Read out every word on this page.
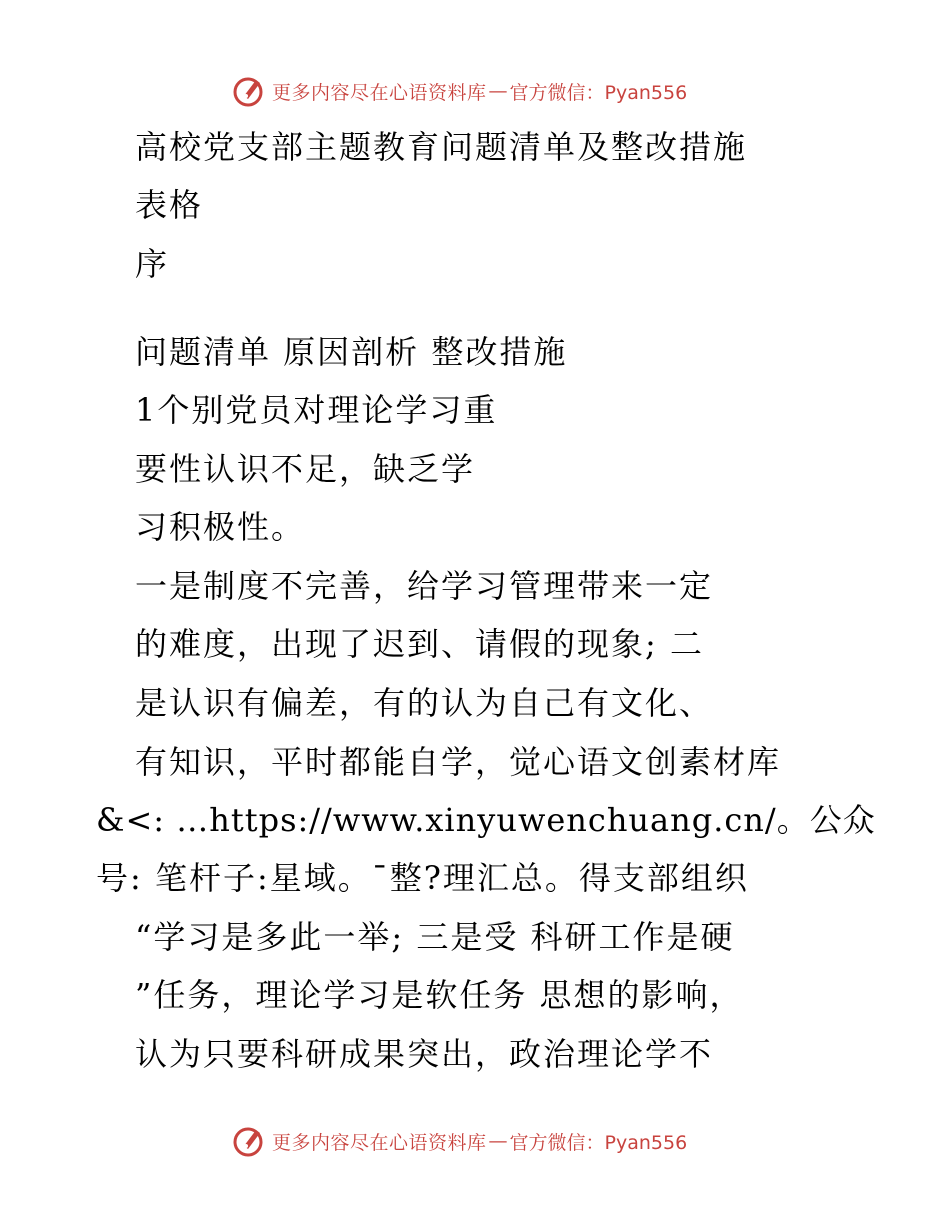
更多内容尽在心语资料库 — 官方微信：Pyan556
高校党支部主题教育问题清单及整改措施
表格
序
问题清单 原因剖析 整改措施
1个别党员对理论学习重
要性认识不足，缺乏学
习积极性。
一是制度不完善，给学习管理带来一定
的难度，出现了迟到、请假的现象; 二
是认识有偏差，有的认为自己有文化、
有知识，平时都能自学，觉心语文创素材库
&<: …https://www.xinyuwenchuang.cn/。公众
号: 笔杆子:星域。¯整?理汇总。得支部组织
“学习是多此一举; 三是受 科研工作是硬
”任务，理论学习是软任务 思想的影响，
认为只要科研成果突出，政治理论学不
更多内容尽在心语资料库 — 官方微信：Pyan556
